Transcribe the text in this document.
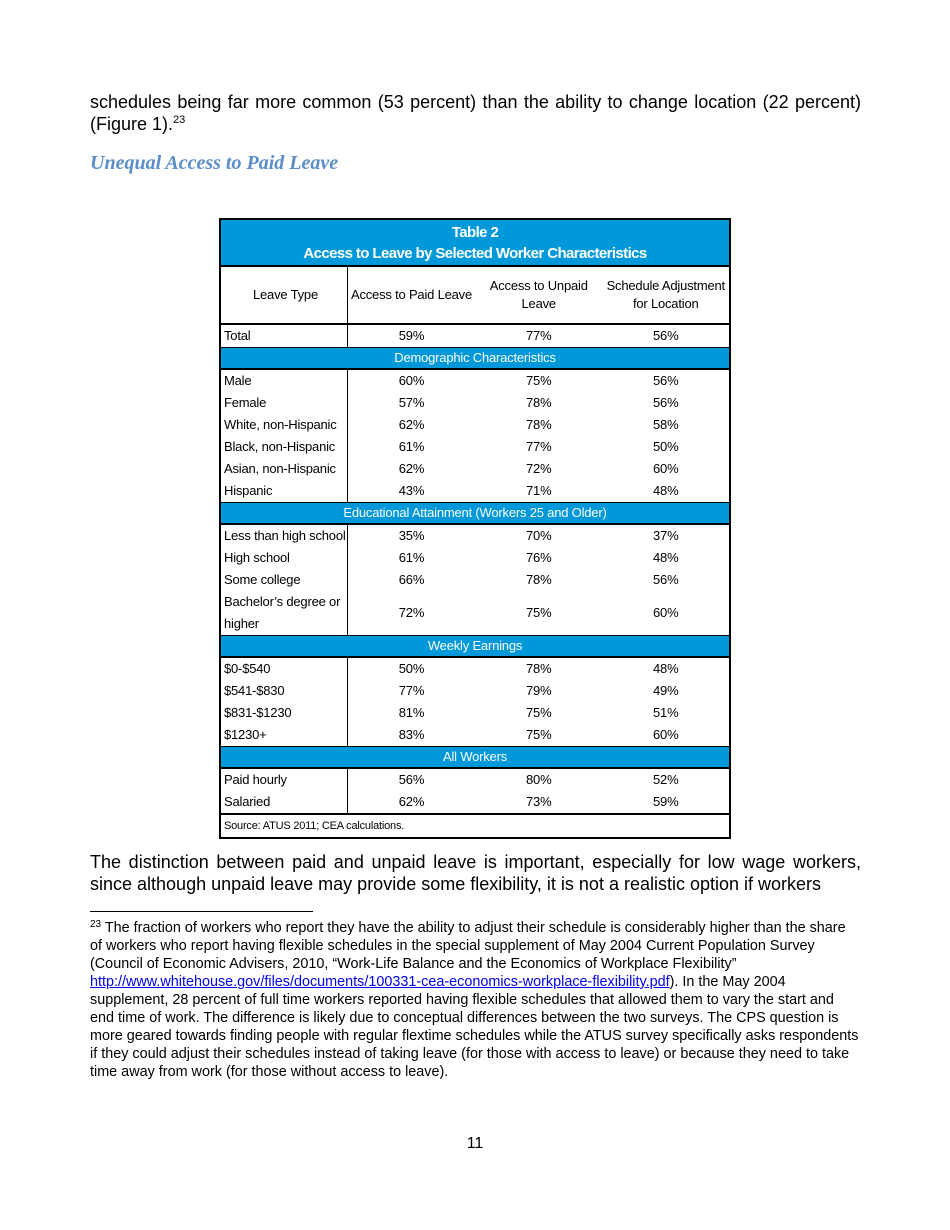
schedules being far more common (53 percent) than the ability to change location (22 percent) (Figure 1).$^{23}$
Unequal Access to Paid Leave
Table 2
Access to Leave by Selected Worker Characteristics			

Leave Type	Access to Paid Leave	Access to Unpaid Leave	Schedule Adjustment for Location
Total	59%	77%	56%
Demographic Characteristics			
Male	60%	75%	56%
Female	57%	78%	56%
White, non-Hispanic	62%	78%	58%
Black, non-Hispanic	61%	77%	50%
Asian, non-Hispanic	62%	72%	60%
Hispanic	43%	71%	48%
Educational Attainment (Workers 25 and Older)			
Less than high school	35%	70%	37%
High school	61%	76%	48%
Some college	66%	78%	56%
Bachelor’s degree or higher	72%	75%	60%
Weekly Earnings			
$0-$540	50%	78%	48%
$541-$830	77%	79%	49%
$831-$1230	81%	75%	51%
$1230+	83%	75%	60%
All Workers			
Paid hourly	56%	80%	52%
Salaried	62%	73%	59%
Source: ATUS 2011; CEA calculations.			
The distinction between paid and unpaid leave is important, especially for low wage workers, since although unpaid leave may provide some flexibility, it is not a realistic option if workers
$^{23}$ The fraction of workers who report they have the ability to adjust their schedule is considerably higher than the share of workers who report having flexible schedules in the special supplement of May 2004 Current Population Survey (Council of Economic Advisers, 2010, “Work-Life Balance and the Economics of Workplace Flexibility” http://www.whitehouse.gov/files/documents/100331-cea-economics-workplace-flexibility.pdf). In the May 2004 supplement, 28 percent of full time workers reported having flexible schedules that allowed them to vary the start and end time of work. The difference is likely due to conceptual differences between the two surveys. The CPS question is more geared towards finding people with regular flextime schedules while the ATUS survey specifically asks respondents if they could adjust their schedules instead of taking leave (for those with access to leave) or because they need to take time away from work (for those without access to leave).
11
